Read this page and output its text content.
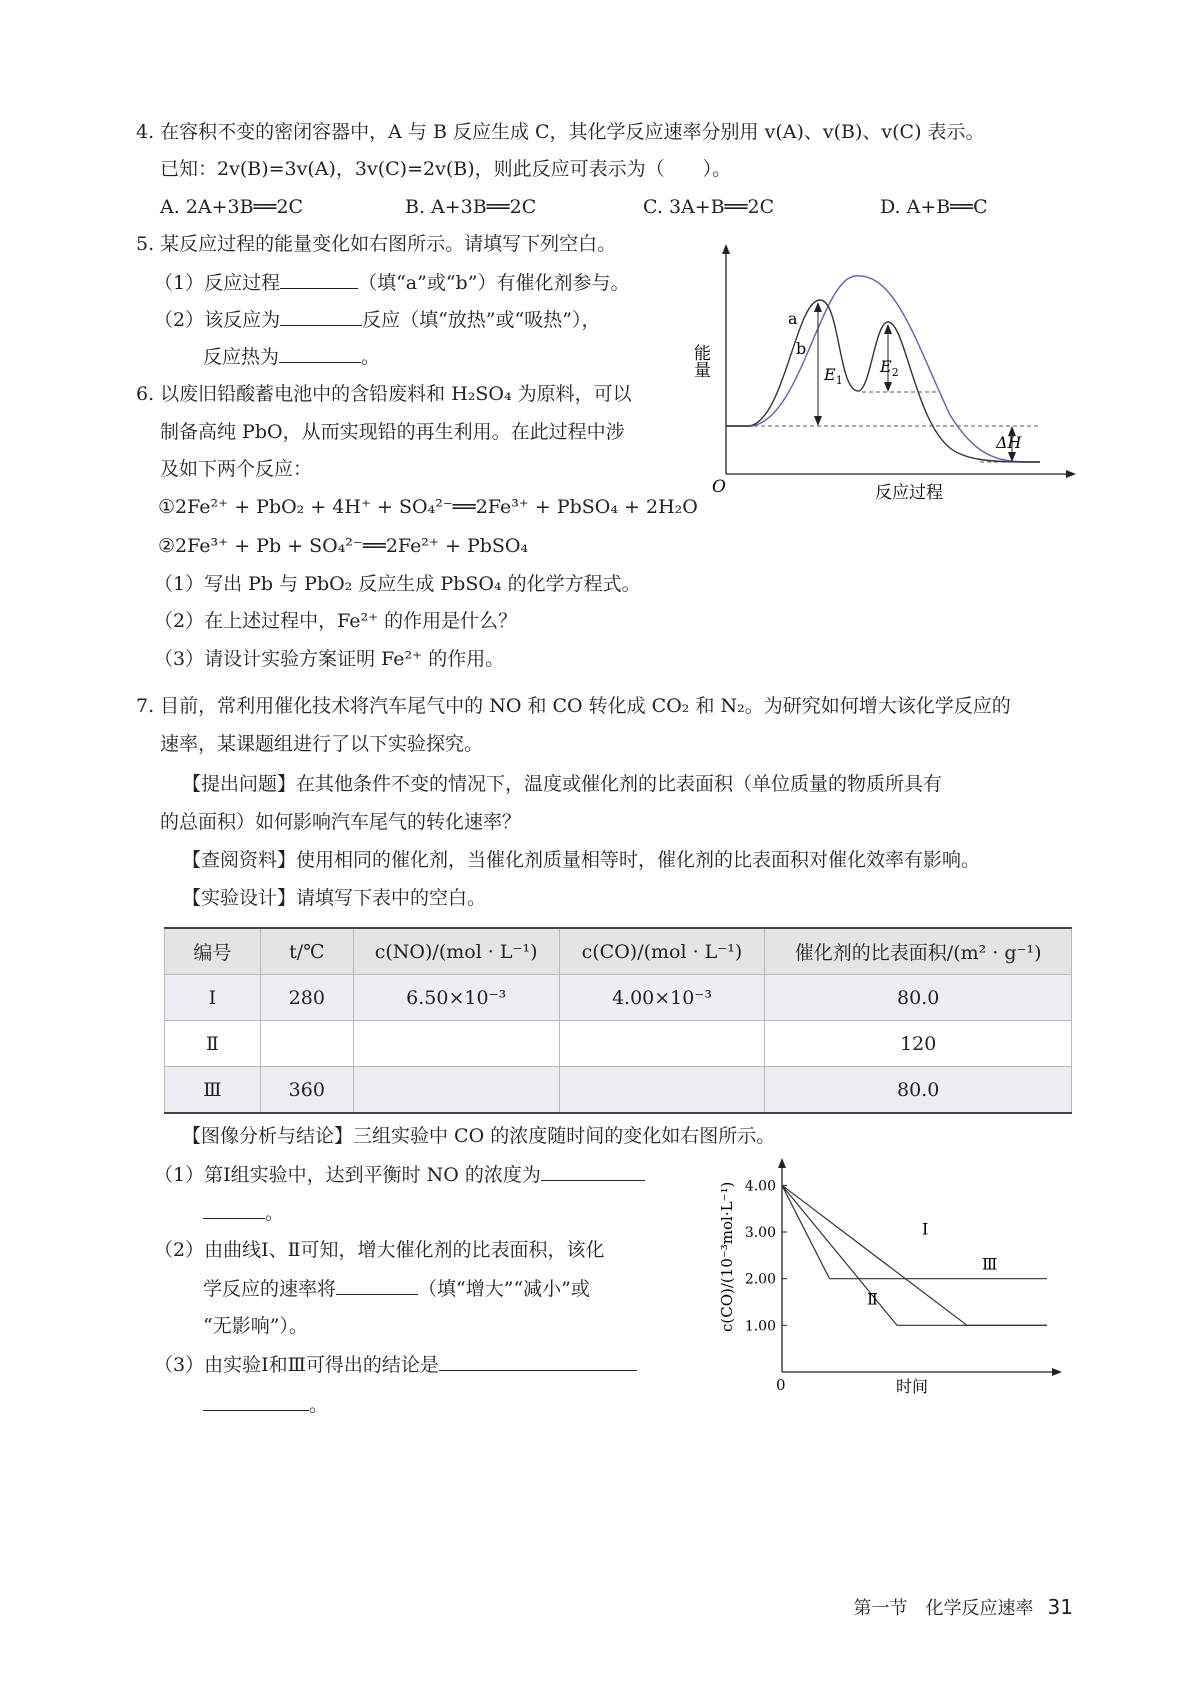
4. 在容积不变的密闭容器中，A 与 B 反应生成 C，其化学反应速率分别用 v(A)、v(B)、v(C) 表示。
已知：2v(B)=3v(A)，3v(C)=2v(B)，则此反应可表示为（　　）。
A. 2A+3B══2C	B. A+3B══2C	C. 3A+B══2C	D. A+B══C
5. 某反应过程的能量变化如右图所示。请填写下列空白。
（1）反应过程	（填“a”或“b”）有催化剂参与。
（2）该反应为	反应（填“放热”或“吸热”），
反应热为	。
6. 以废旧铅酸蓄电池中的含铅废料和 H₂SO₄ 为原料，可以
制备高纯 PbO，从而实现铅的再生利用。在此过程中涉
及如下两个反应：
①2Fe²⁺ + PbO₂ + 4H⁺ + SO₄²⁻══2Fe³⁺ + PbSO₄ + 2H₂O
②2Fe³⁺ + Pb + SO₄²⁻══2Fe²⁺ + PbSO₄
（1）写出 Pb 与 PbO₂ 反应生成 PbSO₄ 的化学方程式。
（2）在上述过程中，Fe²⁺ 的作用是什么？
（3）请设计实验方案证明 Fe²⁺ 的作用。
能量
O	反应过程
a
b
$E_1$
$E_2$
ΔH
7. 目前，常利用催化技术将汽车尾气中的 NO 和 CO 转化成 CO₂ 和 N₂。为研究如何增大该化学反应的
速率，某课题组进行了以下实验探究。
【提出问题】在其他条件不变的情况下，温度或催化剂的比表面积（单位质量的物质所具有
的总面积）如何影响汽车尾气的转化速率？
【查阅资料】使用相同的催化剂，当催化剂质量相等时，催化剂的比表面积对催化效率有影响。
【实验设计】请填写下表中的空白。
编号	t/℃	c(NO)/(mol · L⁻¹)	c(CO)/(mol · L⁻¹)	催化剂的比表面积/(m² · g⁻¹)
Ⅰ	280	6.50×10⁻³	4.00×10⁻³	80.0
Ⅱ				120
Ⅲ	360			80.0
【图像分析与结论】三组实验中 CO 的浓度随时间的变化如右图所示。
（1）第Ⅰ组实验中，达到平衡时 NO 的浓度为
。
（2）由曲线Ⅰ、Ⅱ可知，增大催化剂的比表面积，该化
学反应的速率将	（填“增大”“减小”或
“无影响”）。
（3）由实验Ⅰ和Ⅲ可得出的结论是
。
c(CO)/(10⁻³mol·L⁻¹)
0	时间
1.00
2.00
3.00
4.00
Ⅰ
Ⅱ
Ⅲ
第一节　化学反应速率 31
